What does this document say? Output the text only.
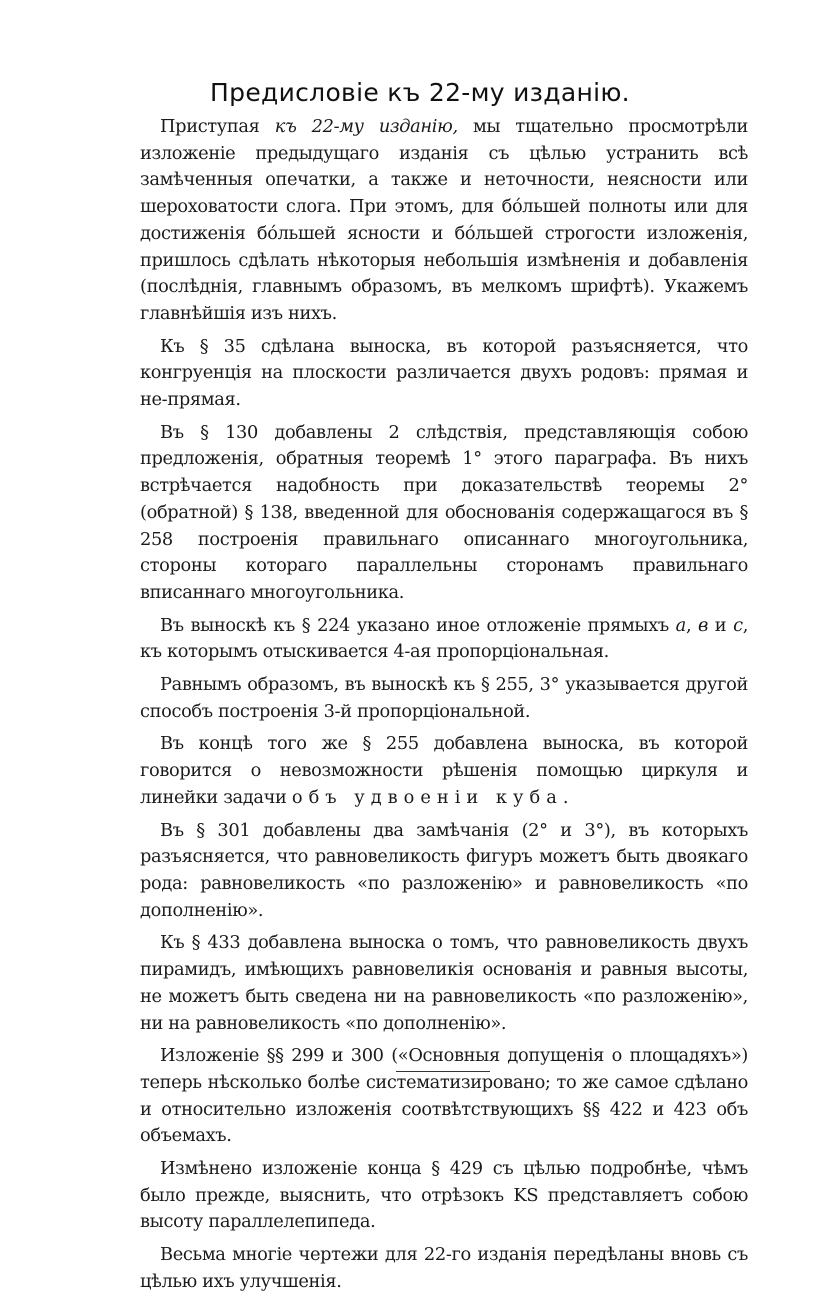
Предисловіе къ 22-му изданію.

Приступая къ 22-му изданію, мы тщательно просмотрѣли изложеніе предыдущаго изданія съ цѣлью устранить всѣ замѣченныя опечатки, а также и неточности, неясности или шероховатости слога. При этомъ, для бóльшей полноты или для достиженія бóльшей ясности и бóльшей строгости изложенія, пришлось сдѣлать нѣкоторыя небольшія измѣненія и добавленія (послѣднія, главнымъ образомъ, въ мелкомъ шрифтѣ). Укажемъ главнѣйшія изъ нихъ.

Къ § 35 сдѣлана выноска, въ которой разъясняется, что конгруенція на плоскости различается двухъ родовъ: прямая и не-прямая.

Въ § 130 добавлены 2 слѣдствія, представляющія собою предложенія, обратныя теоремѣ 1° этого параграфа. Въ нихъ встрѣчается надобность при доказательствѣ теоремы 2° (обратной) § 138, введенной для обоснованія содержащагося въ § 258 построенія правильнаго описаннаго многоугольника, стороны котораго параллельны сторонамъ правильнаго вписаннаго многоугольника.

Въ выноскѣ къ § 224 указано иное отложеніе прямыхъ a, в и c, къ которымъ отыскивается 4-ая пропорціональная.

Равнымъ образомъ, въ выноскѣ къ § 255, 3° указывается другой способъ построенія 3-й пропорціональной.

Въ концѣ того же § 255 добавлена выноска, въ которой говорится о невозможности рѣшенія помощью циркуля и линейки задачи объ удвоеніи куба.

Въ § 301 добавлены два замѣчанія (2° и 3°), въ которыхъ разъясняется, что равновеликость фигуръ можетъ быть двоякаго рода: равновеликость «по разложенію» и равновеликость «по дополненію».

Къ § 433 добавлена выноска о томъ, что равновеликость двухъ пирамидъ, имѣющихъ равновеликія основанія и равныя высоты, не можетъ быть сведена ни на равновеликость «по разложенію», ни на равновеликость «по дополненію».

Изложеніе §§ 299 и 300 («Основныя допущенія о площадяхъ») теперь нѣсколько болѣе систематизировано; то же самое сдѣлано и относительно изложенія соотвѣтствующихъ §§ 422 и 423 объ объемахъ.

Измѣнено изложеніе конца § 429 съ цѣлью подробнѣе, чѣмъ было прежде, выяснить, что отрѣзокъ KS представляетъ собою высоту параллелепипеда.

Весьма многіе чертежи для 22-го изданія передѣланы вновь съ цѣлью ихъ улучшенія.
